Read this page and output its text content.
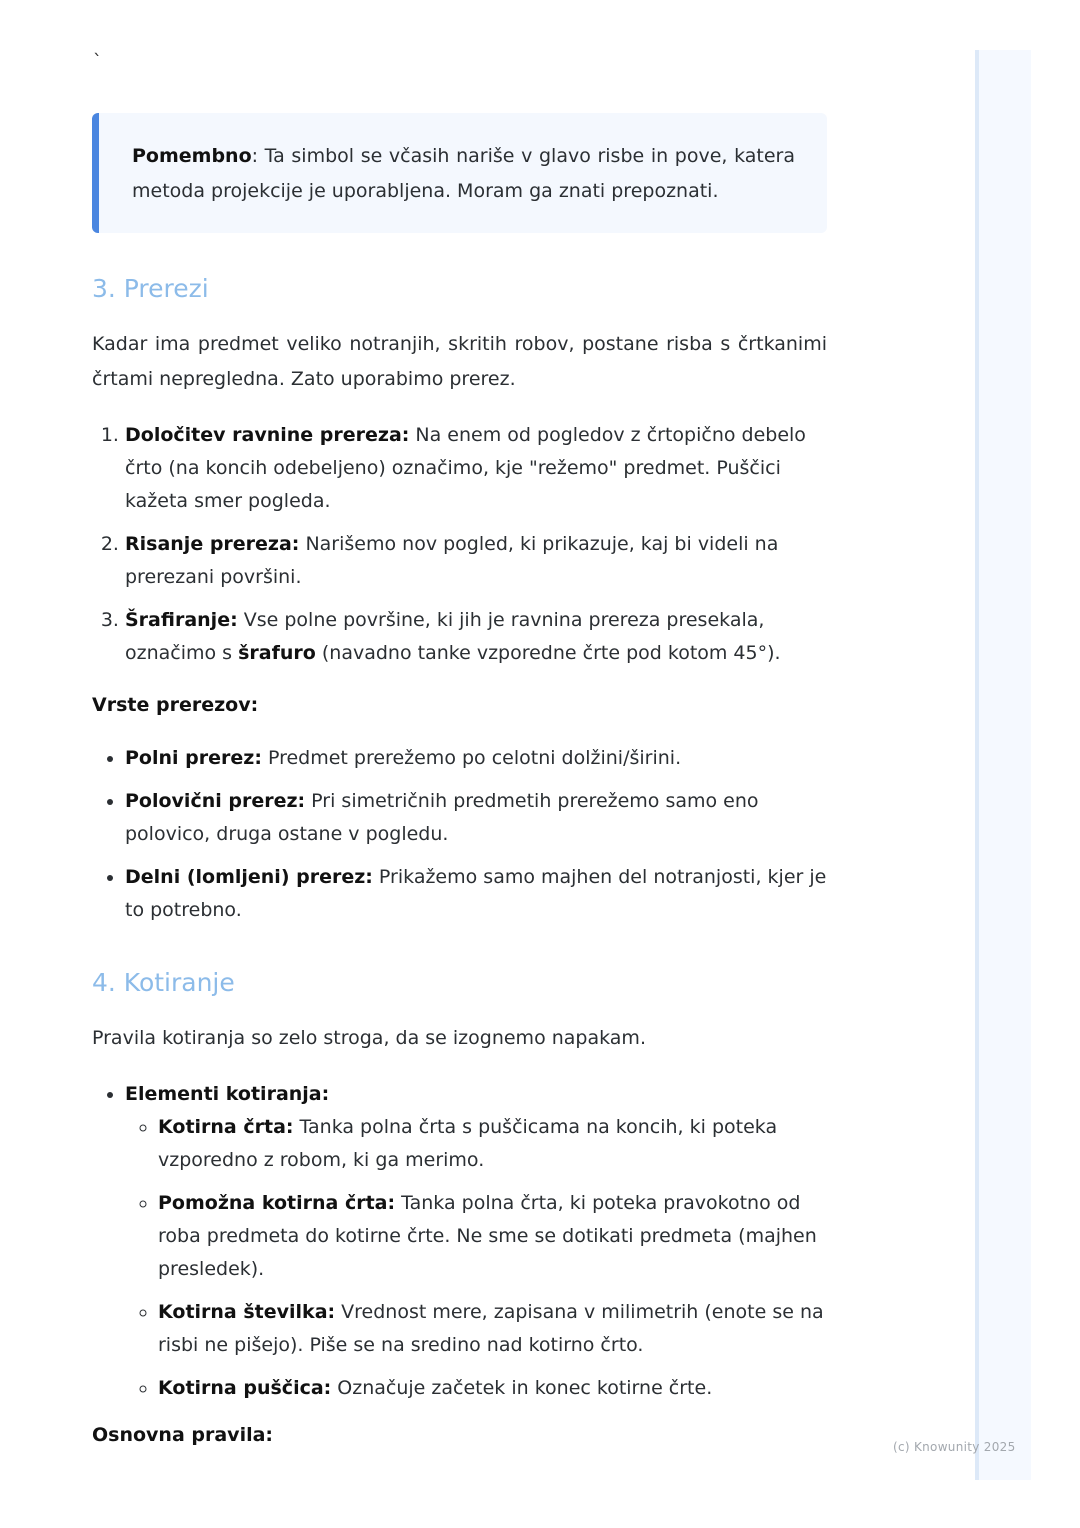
`
Pomembno: Ta simbol se včasih nariše v glavo risbe in pove, katera metoda projekcije je uporabljena. Moram ga znati prepoznati.
3. Prerezi

Kadar ima predmet veliko notranjih, skritih robov, postane risba s črtkanimi črtami nepregledna. Zato uporabimo prerez.

1. Določitev ravnine prereza: Na enem od pogledov z črtopično debelo črto (na koncih odebeljeno) označimo, kje "režemo" predmet. Puščici kažeta smer pogleda.
2. Risanje prereza: Narišemo nov pogled, ki prikazuje, kaj bi videli na prerezani površini.
3. Šrafiranje: Vse polne površine, ki jih je ravnina prereza presekala, označimo s šrafuro (navadno tanke vzporedne črte pod kotom 45°).
Vrste prerezov:
• Polni prerez: Predmet prerežemo po celotni dolžini/širini.
• Polovični prerez: Pri simetričnih predmetih prerežemo samo eno polovico, druga ostane v pogledu.
• Delni (lomljeni) prerez: Prikažemo samo majhen del notranjosti, kjer je to potrebno.
4. Kotiranje

Pravila kotiranja so zelo stroga, da se izognemo napakam.

• Elementi kotiranja:
◦ Kotirna črta: Tanka polna črta s puščicama na koncih, ki poteka vzporedno z robom, ki ga merimo.
◦ Pomožna kotirna črta: Tanka polna črta, ki poteka pravokotno od roba predmeta do kotirne črte. Ne sme se dotikati predmeta (majhen presledek).
◦ Kotirna številka: Vrednost mere, zapisana v milimetrih (enote se na risbi ne pišejo). Piše se na sredino nad kotirno črto.
◦ Kotirna puščica: Označuje začetek in konec kotirne črte.
Osnovna pravila:
(c) Knowunity 2025
